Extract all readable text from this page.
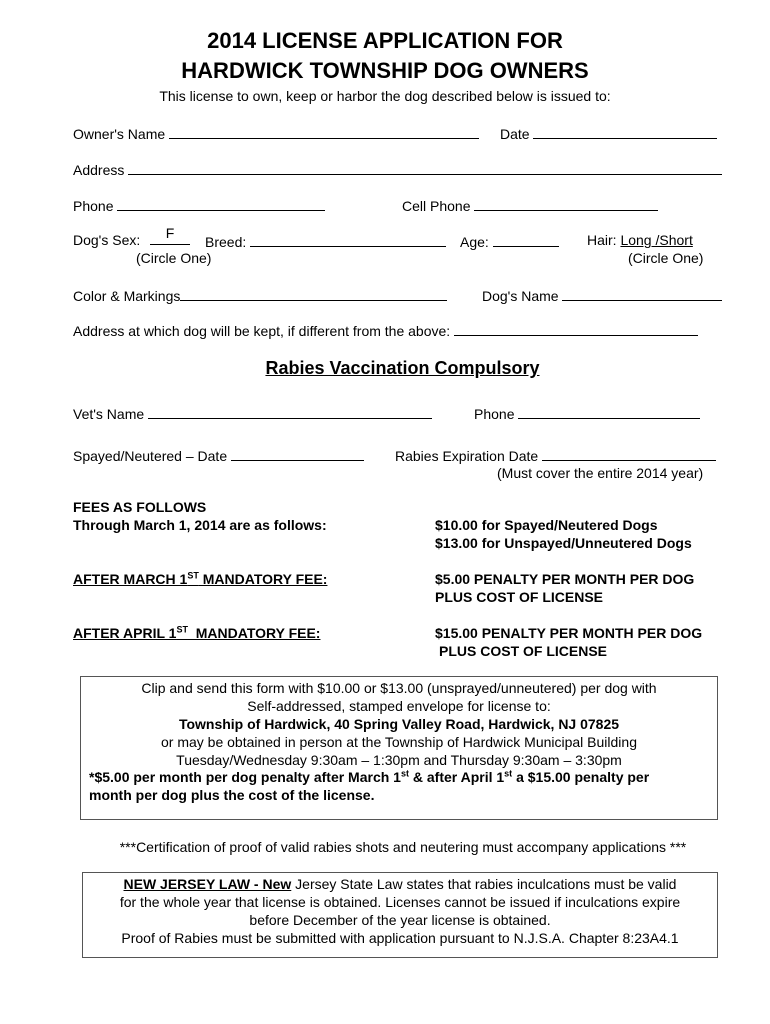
2014 LICENSE APPLICATION FOR
HARDWICK TOWNSHIP DOG OWNERS
This license to own, keep or harbor the dog described below is issued to:
Owner's Name	Date
Address
Phone	Cell Phone
Dog's Sex:	F
Breed:	Age:	Hair: Long /Short
(Circle One)	(Circle One)
Color & Markings	Dog's Name
Address at which dog will be kept, if different from the above:
Rabies Vaccination Compulsory
Vet's Name	Phone
Spayed/Neutered – Date	Rabies Expiration Date
(Must cover the entire 2014 year)
FEES AS FOLLOWS
Through March 1, 2014 are as follows:	$10.00 for Spayed/Neutered Dogs
$13.00 for Unspayed/Unneutered Dogs
AFTER MARCH 1ST MANDATORY FEE:	$5.00 PENALTY PER MONTH PER DOG
PLUS COST OF LICENSE
AFTER APRIL 1ST  MANDATORY FEE:	$15.00 PENALTY PER MONTH PER DOG
PLUS COST OF LICENSE
Clip and send this form with $10.00 or $13.00 (unsprayed/unneutered) per dog with
Self-addressed, stamped envelope for license to:
Township of Hardwick, 40 Spring Valley Road, Hardwick, NJ 07825
or may be obtained in person at the Township of Hardwick Municipal Building
Tuesday/Wednesday 9:30am – 1:30pm and Thursday 9:30am – 3:30pm
*$5.00 per month per dog penalty after March 1st & after April 1st a $15.00 penalty per
month per dog plus the cost of the license.
***Certification of proof of valid rabies shots and neutering must accompany applications ***
NEW JERSEY LAW - New Jersey State Law states that rabies inculcations must be valid
for the whole year that license is obtained. Licenses cannot be issued if inculcations expire
before December of the year license is obtained.
Proof of Rabies must be submitted with application pursuant to N.J.S.A. Chapter 8:23A4.1
